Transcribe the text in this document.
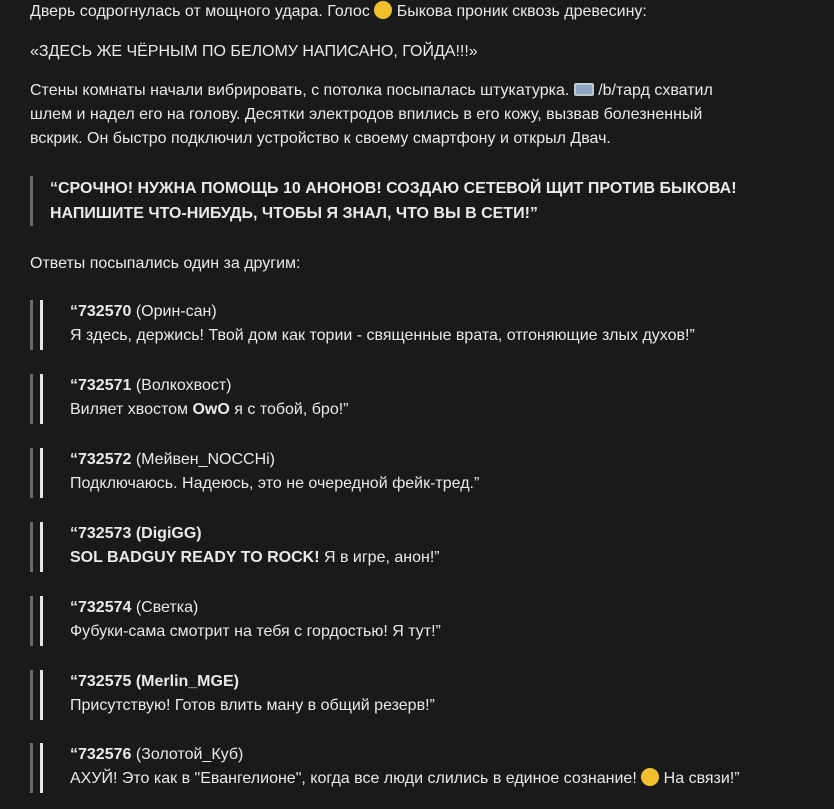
Дверь содрогнулась от мощного удара. Голос  Быкова проник сквозь древесину:

«ЗДЕСЬ ЖЕ ЧЁРНЫМ ПО БЕЛОМУ НАПИСАНО, ГОЙДА!!!»

Стены комнаты начали вибрировать, с потолка посыпалась штукатурка.  /b/тард схватил

шлем и надел его на голову. Десятки электродов впились в его кожу, вызвав болезненный

вскрик. Он быстро подключил устройство к своему смартфону и открыл Двач.

“СРОЧНО! НУЖНА ПОМОЩЬ 10 АНОНОВ! СОЗДАЮ СЕТЕВОЙ ЩИТ ПРОТИВ БЫКОВА!

НАПИШИТЕ ЧТО-НИБУДЬ, ЧТОБЫ Я ЗНАЛ, ЧТО ВЫ В СЕТИ!”

Ответы посыпались один за другим:

“732570 (Орин-сан)

Я здесь, держись! Твой дом как тории - священные врата, отгоняющие злых духов!”

“732571 (Волкохвост)

Виляет хвостом OwO я с тобой, бро!”

“732572 (Мейвен_NOCCHi)

Подключаюсь. Надеюсь, это не очередной фейк-тред.”

“732573 (DigiGG)

SOL BADGUY READY TO ROCK! Я в игре, анон!”

“732574 (Светка)

Фубуки-сама смотрит на тебя с гордостью! Я тут!”

“732575 (Merlin_MGE)

Присутствую! Готов влить ману в общий резерв!”

“732576 (Золотой_Куб)

АХУЙ! Это как в "Евангелионе", когда все люди слились в единое сознание!  На связи!”
